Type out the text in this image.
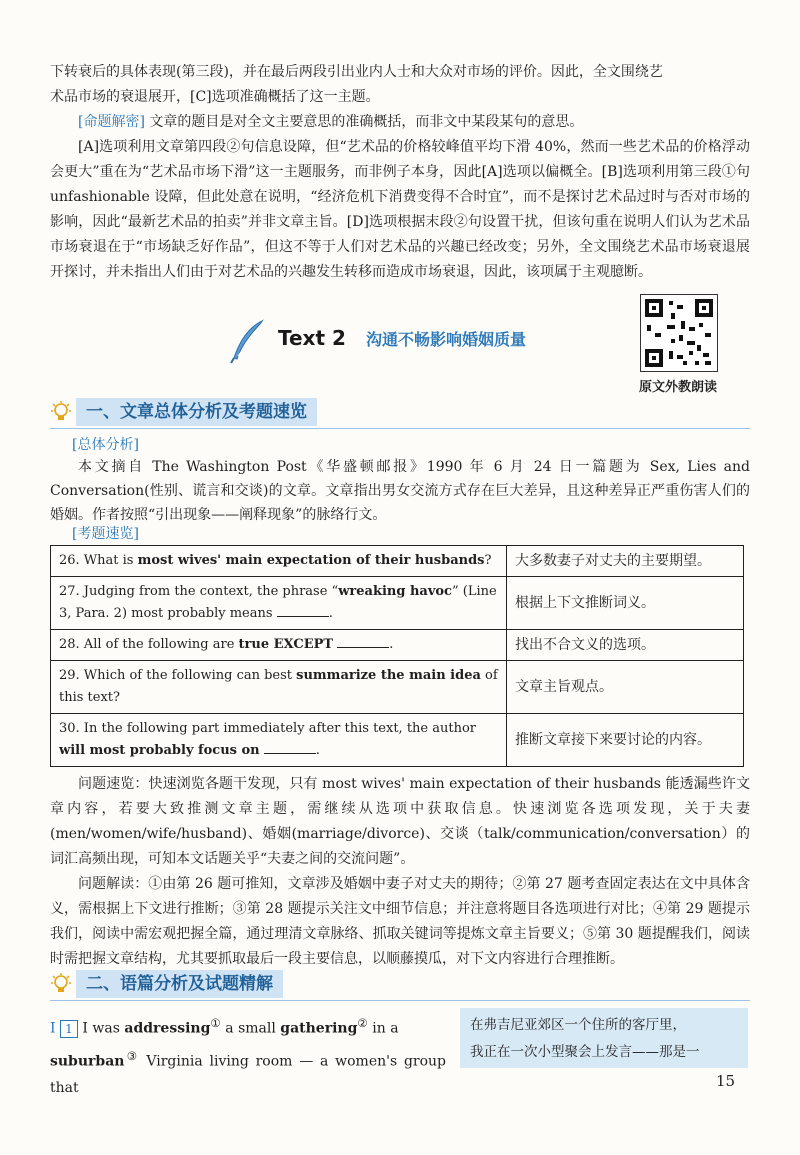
下转衰后的具体表现(第三段)，并在最后两段引出业内人士和大众对市场的评价。因此，全文围绕艺
术品市场的衰退展开，[C]选项准确概括了这一主题。
[命题解密] 文章的题目是对全文主要意思的准确概括，而非文中某段某句的意思。
[A]选项利用文章第四段②句信息设障，但“艺术品的价格较峰值平均下滑 40%，然而一些艺术品的价格浮动会更大”重在为“艺术品市场下滑”这一主题服务，而非例子本身，因此[A]选项以偏概全。[B]选项利用第三段①句 unfashionable 设障，但此处意在说明，“经济危机下消费变得不合时宜”，而不是探讨艺术品过时与否对市场的影响，因此“最新艺术品的拍卖”并非文章主旨。[D]选项根据末段②句设置干扰，但该句重在说明人们认为艺术品市场衰退在于“市场缺乏好作品”，但这不等于人们对艺术品的兴趣已经改变；另外，全文围绕艺术品市场衰退展开探讨，并未指出人们由于对艺术品的兴趣发生转移而造成市场衰退，因此，该项属于主观臆断。
Text 2 沟通不畅影响婚姻质量
原文外教朗读
一、文章总体分析及考题速览
[总体分析]
本文摘自 The Washington Post《华盛顿邮报》1990 年 6 月 24 日一篇题为 Sex, Lies and Conversation(性别、谎言和交谈)的文章。文章指出男女交流方式存在巨大差异，且这种差异正严重伤害人们的婚姻。作者按照“引出现象——阐释现象”的脉络行文。
[考题速览]
26. What is most wives' main expectation of their husbands?	大多数妻子对丈夫的主要期望。
27. Judging from the context, the phrase “wreaking havoc” (Line 3, Para. 2) most probably means .	根据上下文推断词义。
28. All of the following are true EXCEPT .	找出不合文义的选项。
29. Which of the following can best summarize the main idea of this text?	文章主旨观点。
30. In the following part immediately after this text, the author will most probably focus on .	推断文章接下来要讨论的内容。
问题速览：快速浏览各题干发现，只有 most wives' main expectation of their husbands 能透漏些许文章内容，若要大致推测文章主题，需继续从选项中获取信息。快速浏览各选项发现，关于夫妻(men/women/wife/husband)、婚姻(marriage/divorce)、交谈（talk/communication/conversation）的词汇高频出现，可知本文话题关乎“夫妻之间的交流问题”。
问题解读：①由第 26 题可推知，文章涉及婚姻中妻子对丈夫的期待；②第 27 题考查固定表达在文中具体含义，需根据上下文进行推断；③第 28 题提示关注文中细节信息；并注意将题目各选项进行对比；④第 29 题提示我们，阅读中需宏观把握全篇，通过理清文章脉络、抓取关键词等提炼文章主旨要义；⑤第 30 题提醒我们，阅读时需把握文章结构，尤其要抓取最后一段主要信息，以顺藤摸瓜，对下文内容进行合理推断。
二、语篇分析及试题精解
I 1 I was addressing① a small gathering② in a
suburban③ Virginia living room — a women's group that
在弗吉尼亚郊区一个住所的客厅里，
我正在一次小型聚会上发言——那是一
15
